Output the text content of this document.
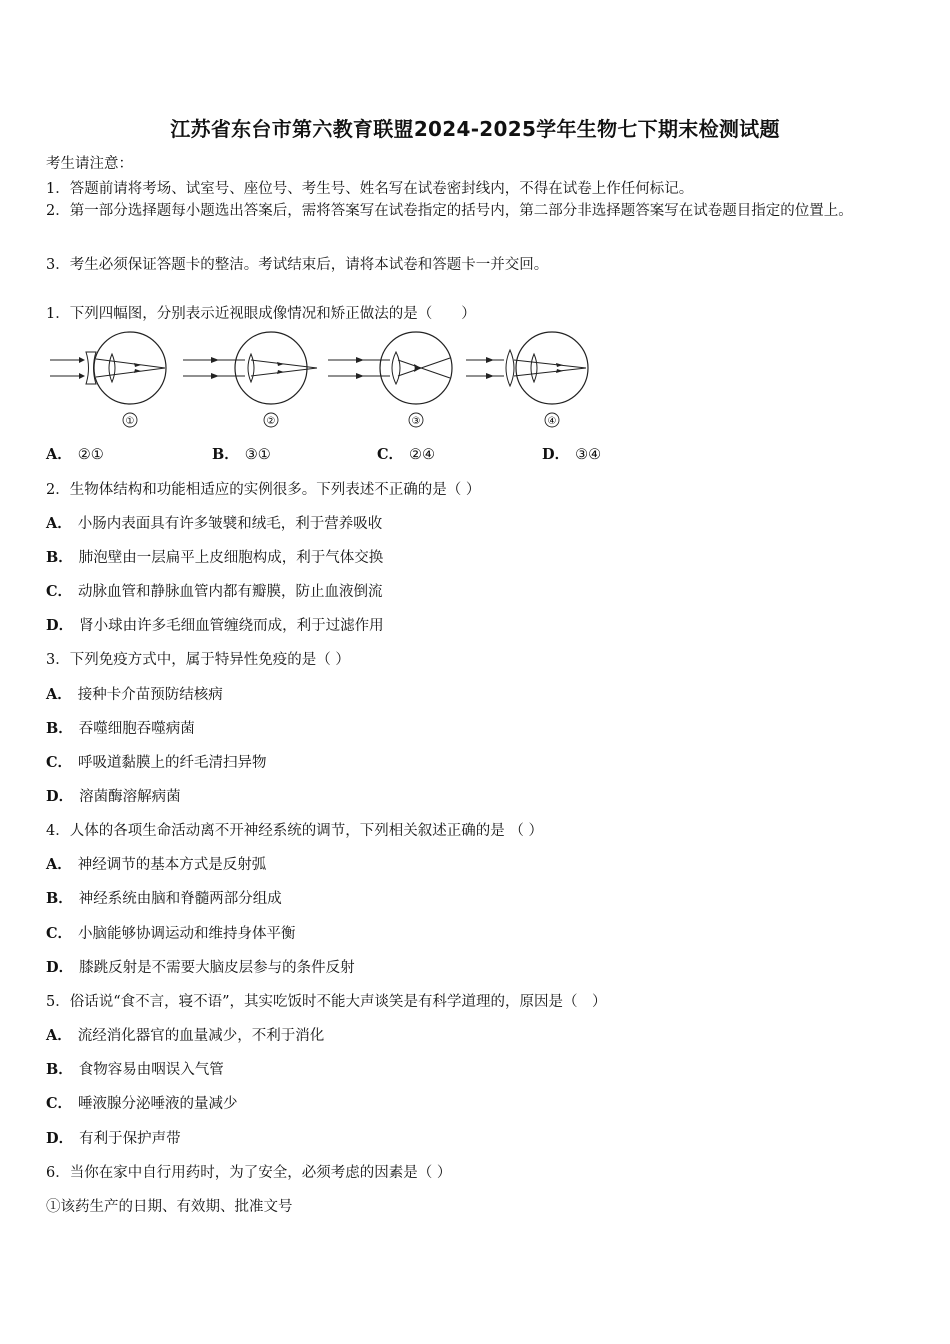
江苏省东台市第六教育联盟2024-2025学年生物七下期末检测试题
考生请注意：
1．答题前请将考场、试室号、座位号、考生号、姓名写在试卷密封线内，不得在试卷上作任何标记。
2．第一部分选择题每小题选出答案后，需将答案写在试卷指定的括号内，第二部分非选择题答案写在试卷题目指定的位置上。
3．考生必须保证答题卡的整洁。考试结束后，请将本试卷和答题卡一并交回。
1．下列四幅图，分别表示近视眼成像情况和矫正做法的是（　　）
①	②	③	④
A． ②①	B． ③①	C． ②④	D． ③④
2．生物体结构和功能相适应的实例很多。下列表述不正确的是（ ）
A． 小肠内表面具有许多皱襞和绒毛，利于营养吸收
B． 肺泡壁由一层扁平上皮细胞构成，利于气体交换
C． 动脉血管和静脉血管内都有瓣膜，防止血液倒流
D． 肾小球由许多毛细血管缠绕而成，利于过滤作用
3．下列免疫方式中，属于特异性免疫的是（ ）
A． 接种卡介苗预防结核病
B． 吞噬细胞吞噬病菌
C． 呼吸道黏膜上的纤毛清扫异物
D． 溶菌酶溶解病菌
4．人体的各项生命活动离不开神经系统的调节，下列相关叙述正确的是 （ ）
A． 神经调节的基本方式是反射弧
B． 神经系统由脑和脊髓两部分组成
C． 小脑能够协调运动和维持身体平衡
D． 膝跳反射是不需要大脑皮层参与的条件反射
5．俗话说“食不言，寝不语”，其实吃饭时不能大声谈笑是有科学道理的，原因是（　）
A． 流经消化器官的血量减少，不利于消化
B． 食物容易由咽误入气管
C． 唾液腺分泌唾液的量减少
D． 有利于保护声带
6．当你在家中自行用药时，为了安全，必须考虑的因素是（ ）
①该药生产的日期、有效期、批准文号
